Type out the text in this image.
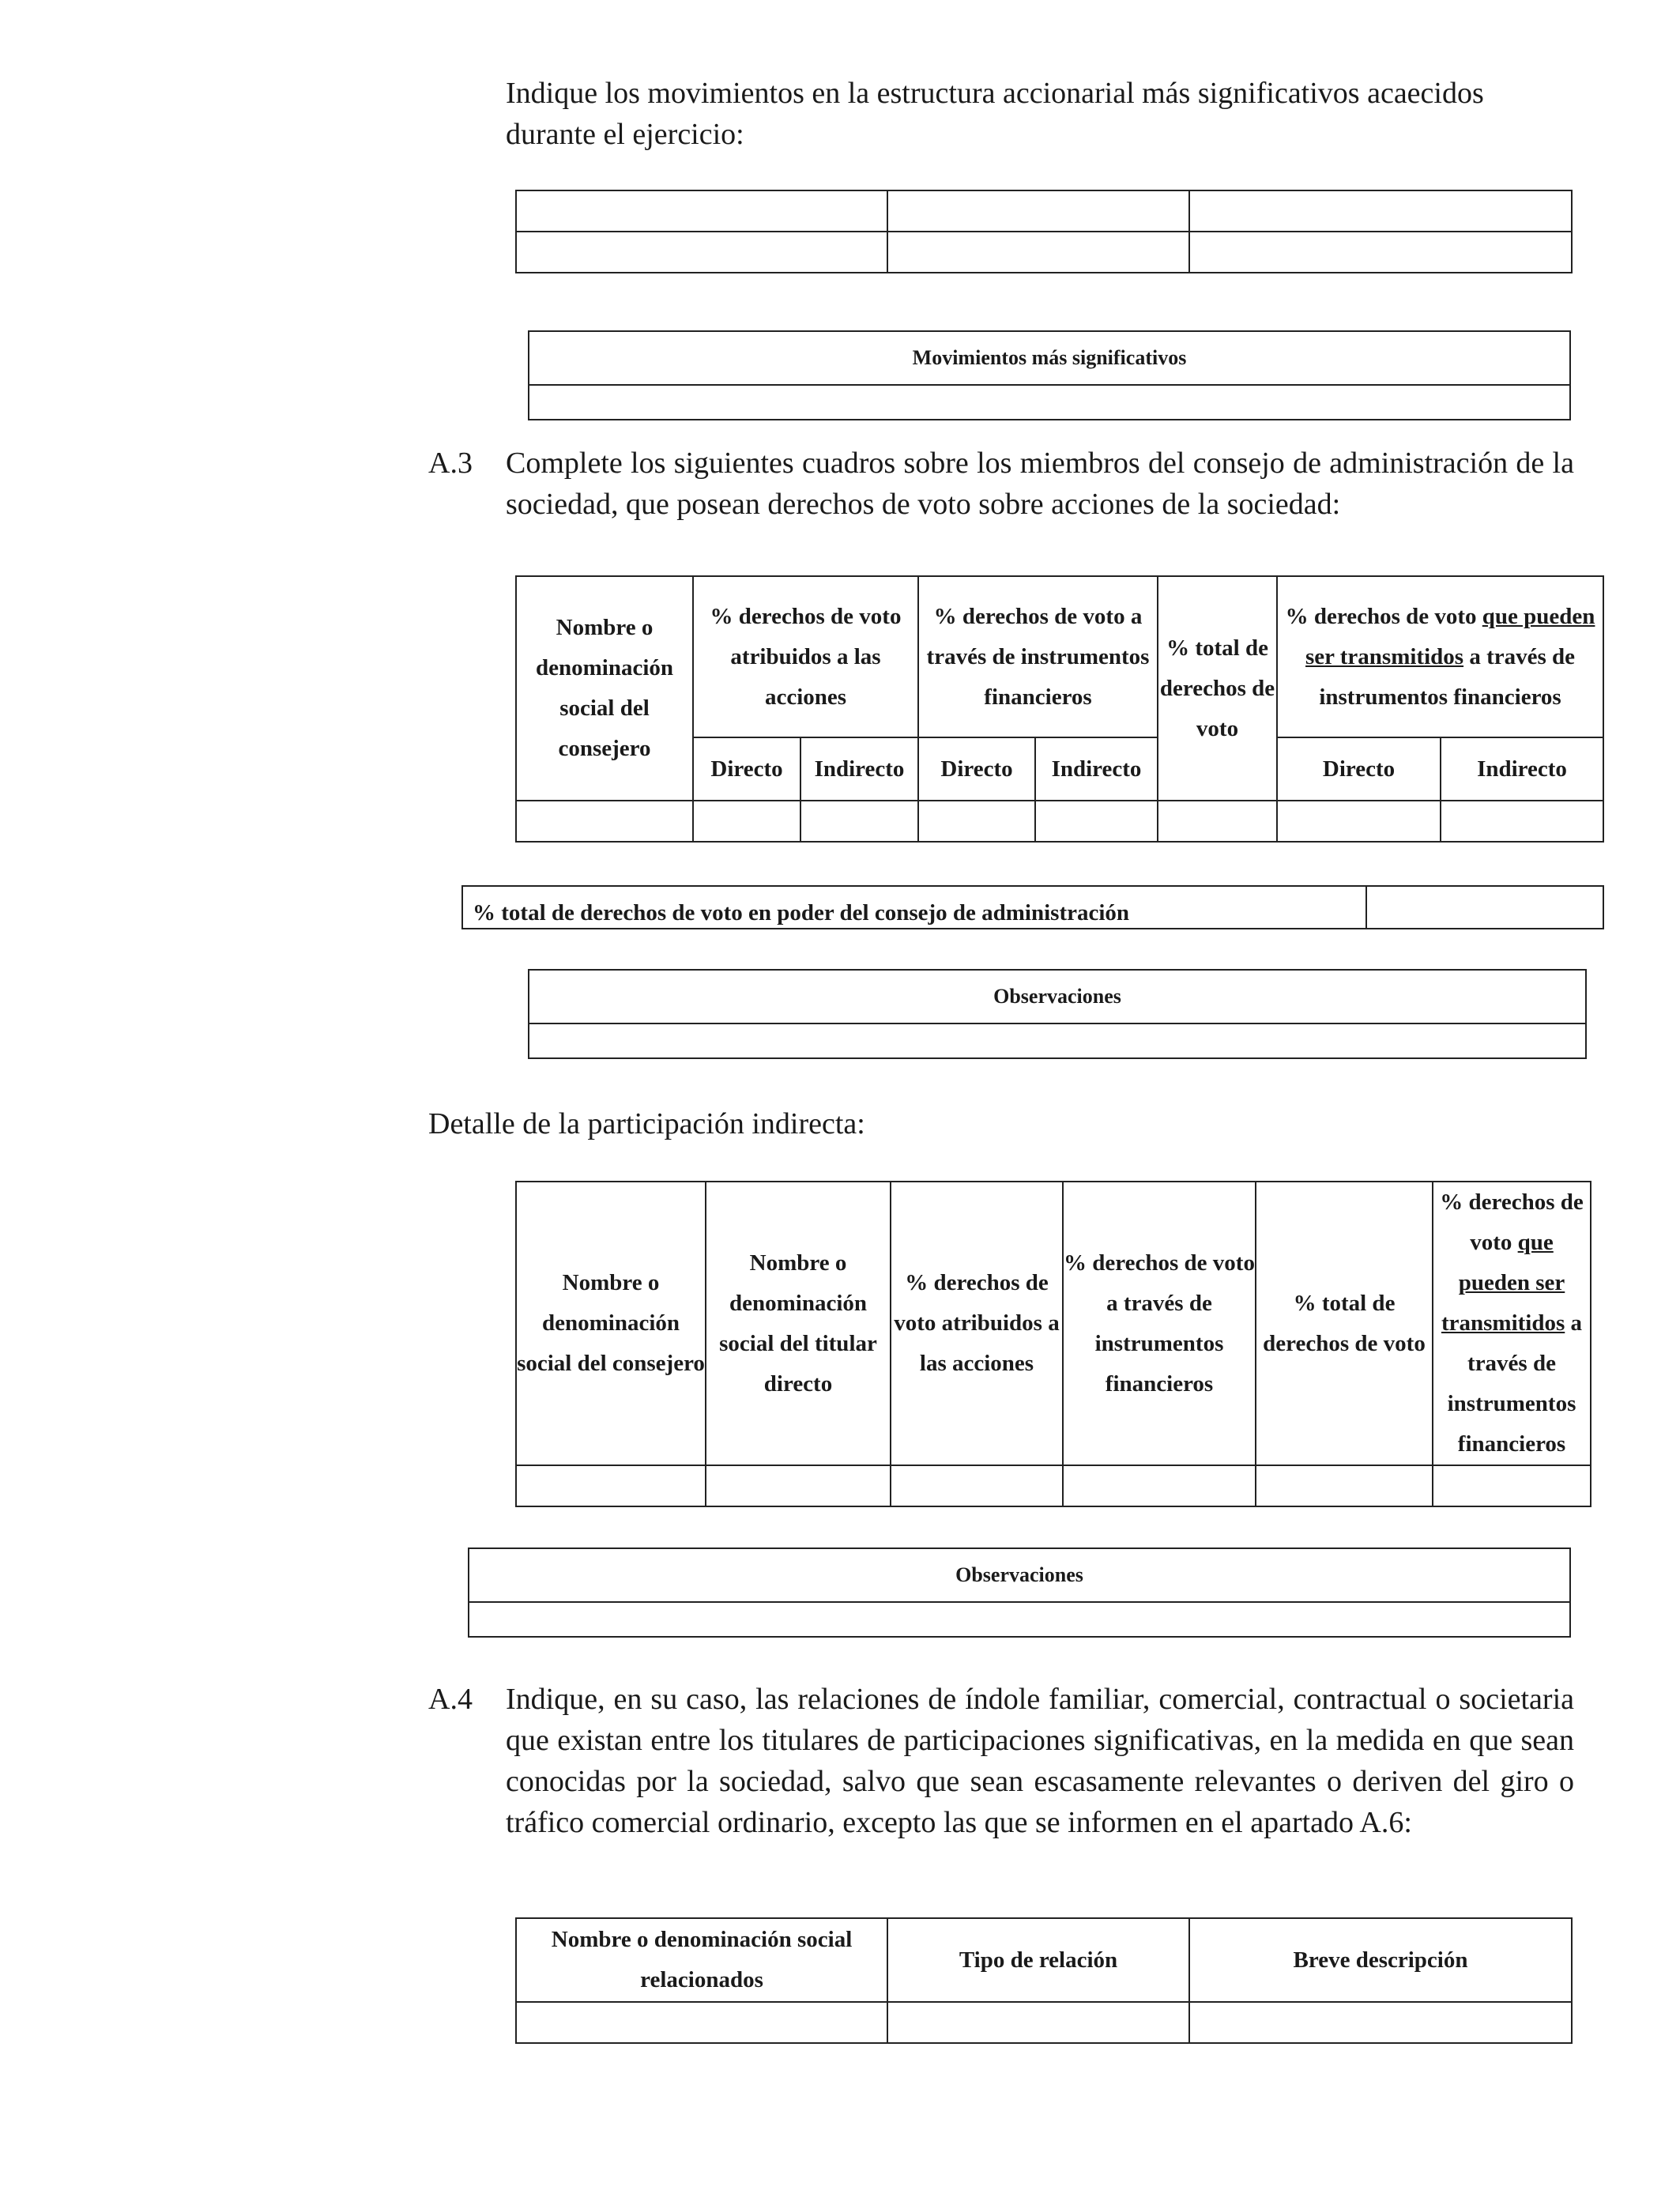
Indique los movimientos en la estructura accionarial más significativos acaecidos durante el ejercicio:

Movimientos más significativos

A.3 Complete los siguientes cuadros sobre los miembros del consejo de administración de la sociedad, que posean derechos de voto sobre acciones de la sociedad:
Nombre o denominación social del consejero	% derechos de voto atribuidos a las acciones		% derechos de voto a través de instrumentos financieros		% total de derechos de voto	% derechos de voto que pueden ser transmitidos a través de instrumentos financieros	
	Directo	Indirecto	Directo	Indirecto		Directo	Indirecto

% total de derechos de voto en poder del consejo de administración	
Observaciones

Detalle de la participación indirecta:
Nombre o denominación social del consejero	Nombre o denominación social del titular directo	% derechos de voto atribuidos a las acciones	% derechos de voto a través de instrumentos financieros	% total de derechos de voto	% derechos de voto que pueden ser transmitidos a través de instrumentos financieros

Observaciones

A.4 Indique, en su caso, las relaciones de índole familiar, comercial, contractual o societaria que existan entre los titulares de participaciones significativas, en la medida en que sean conocidas por la sociedad, salvo que sean escasamente relevantes o deriven del giro o tráfico comercial ordinario, excepto las que se informen en el apartado A.6:
Nombre o denominación social relacionados	Tipo de relación	Breve descripción
